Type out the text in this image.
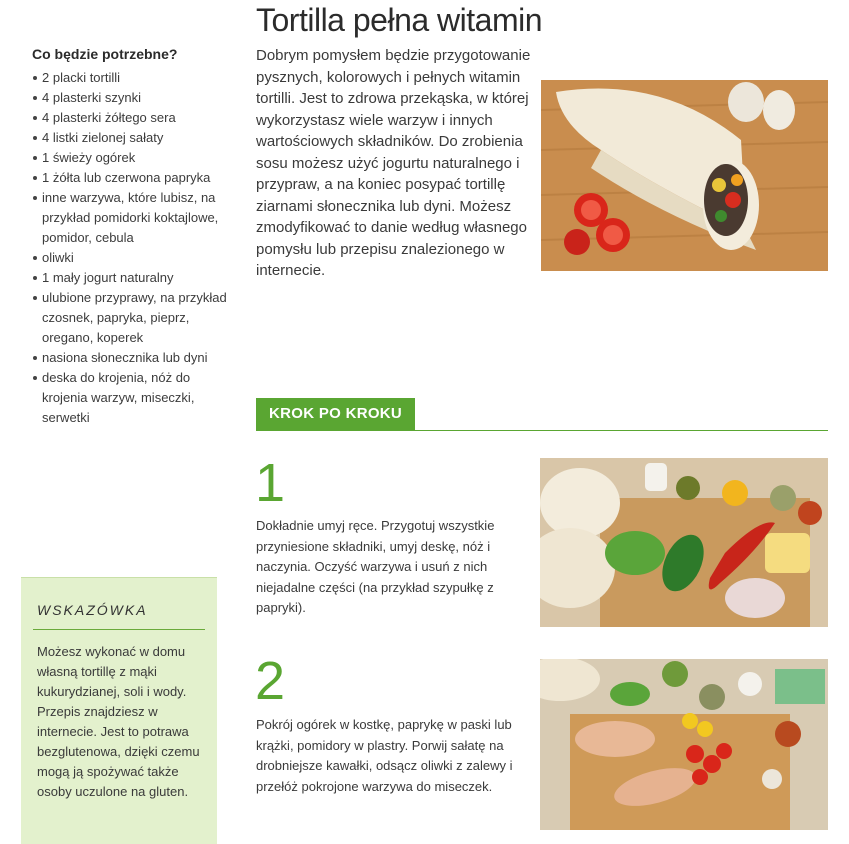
Tortilla pełna witamin

Co będzie potrzebne?

2 placki tortilli
4 plasterki szynki
4 plasterki żółtego sera
4 listki zielonej sałaty
1 świeży ogórek
1 żółta lub czerwona papryka
inne warzywa, które lubisz, na przykład pomidorki koktajlowe, pomidor, cebula
oliwki
1 mały jogurt naturalny
ulubione przyprawy, na przykład czosnek, papryka, pieprz, oregano, koperek
nasiona słonecznika lub dyni
deska do krojenia, nóż do krojenia warzyw, miseczki, serwetki

WSKAZÓWKA

Możesz wykonać w domu własną tortillę z mąki kukurydzianej, soli i wody. Przepis znajdziesz w internecie. Jest to potrawa bezglutenowa, dzięki czemu mogą ją spożywać także osoby uczulone na gluten.

Dobrym pomysłem będzie przygotowanie pysznych, kolorowych i pełnych witamin tortilli. Jest to zdrowa przekąska, w której wykorzystasz wiele warzyw i innych wartościowych składników. Do zrobienia sosu możesz użyć jogurtu naturalnego i przypraw, a na koniec posypać tortillę ziarnami słonecznika lub dyni. Możesz zmodyfikować to danie według własnego pomysłu lub przepisu znalezionego w internecie.

KROK PO KROKU

1

Dokładnie umyj ręce. Przygotuj wszystkie przyniesione składniki, umyj deskę, nóż i naczynia. Oczyść warzywa i usuń z nich niejadalne części (na przykład szypułkę z papryki).

2

Pokrój ogórek w kostkę, paprykę w paski lub krążki, pomidory w plastry. Porwij sałatę na drobniejsze kawałki, odsącz oliwki z zalewy i przełóż pokrojone warzywa do miseczek.
